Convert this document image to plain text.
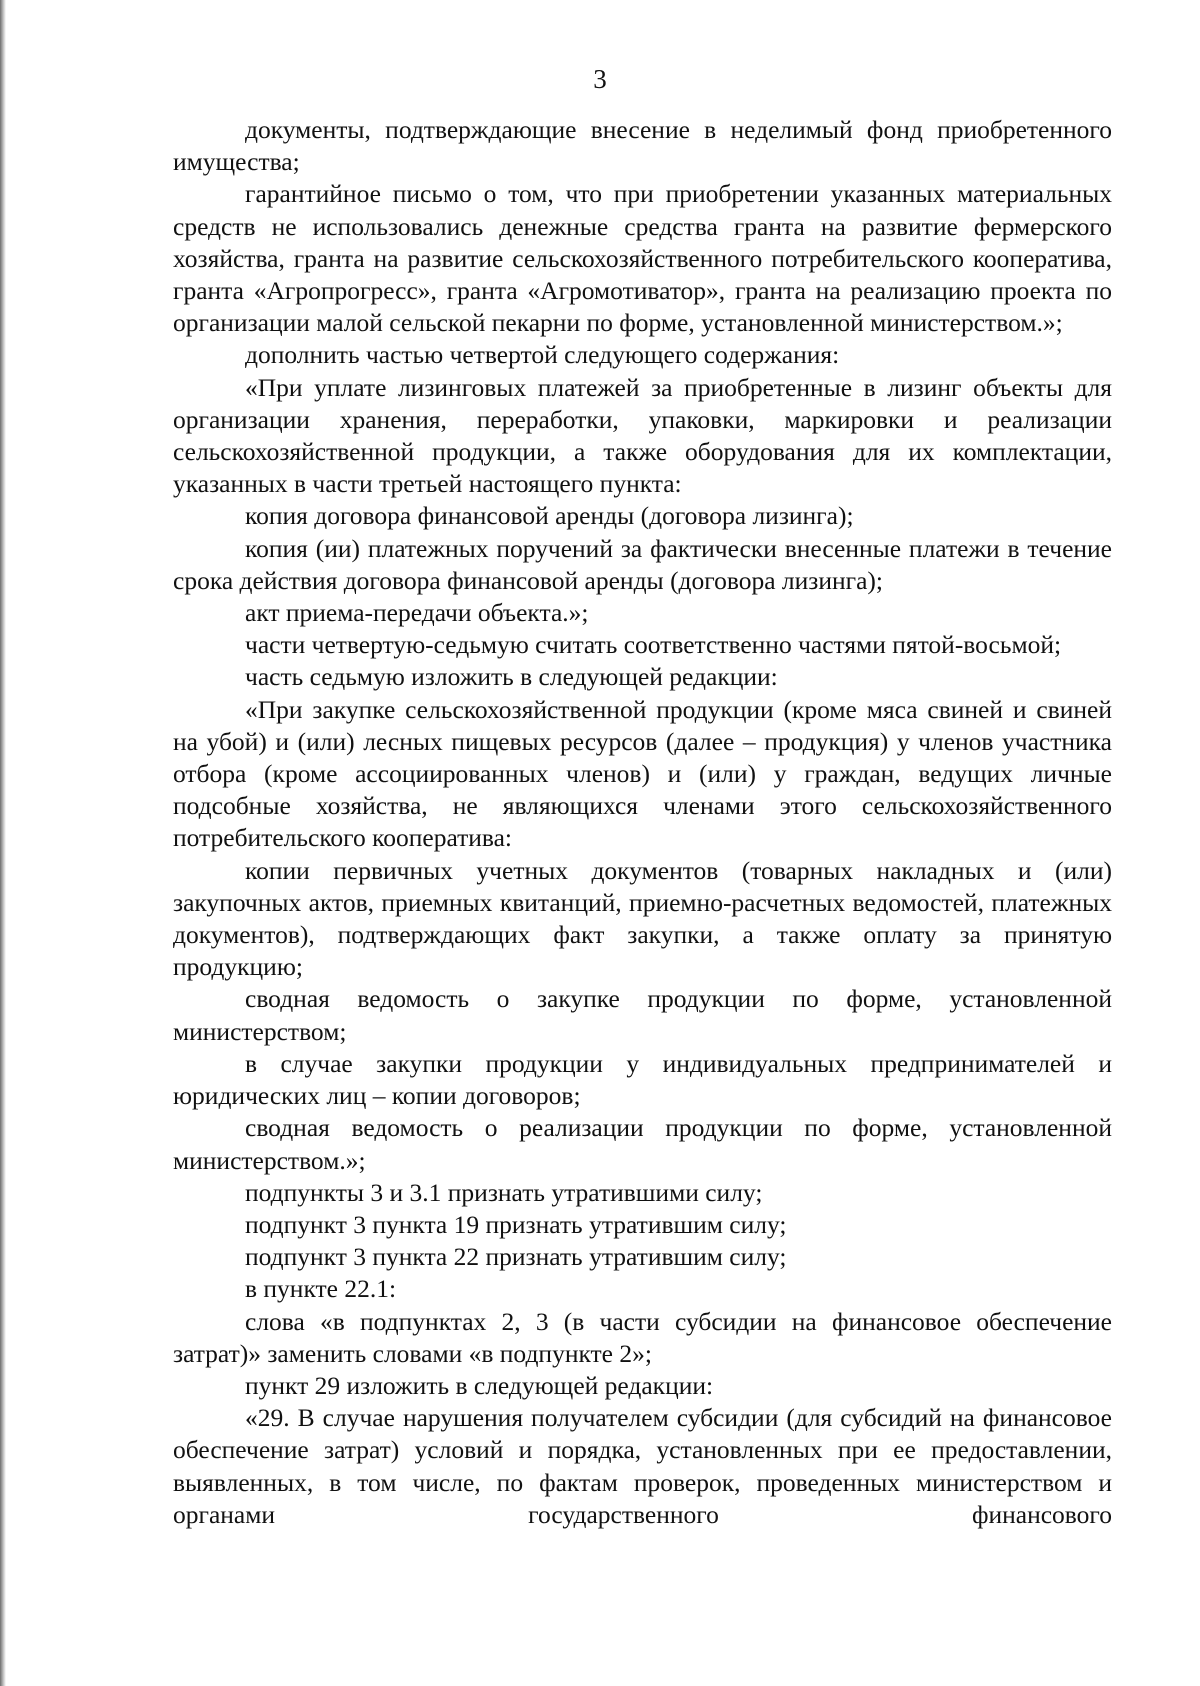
3

документы, подтверждающие внесение в неделимый фонд приобретенного имущества;

гарантийное письмо о том, что при приобретении указанных материальных средств не использовались денежные средства гранта на развитие фермерского хозяйства, гранта на развитие сельскохозяйственного потребительского кооператива, гранта «Агропрогресс», гранта «Агромотиватор», гранта на реализацию проекта по организации малой сельской пекарни по форме, установленной министерством.»;

дополнить частью четвертой следующего содержания:

«При уплате лизинговых платежей за приобретенные в лизинг объекты для организации хранения, переработки, упаковки, маркировки и реализации сельскохозяйственной продукции, а также оборудования для их комплектации, указанных в части третьей настоящего пункта:

копия договора финансовой аренды (договора лизинга);

копия (ии) платежных поручений за фактически внесенные платежи в течение срока действия договора финансовой аренды (договора лизинга);

акт приема-передачи объекта.»;

части четвертую-седьмую считать соответственно частями пятой-восьмой;

часть седьмую изложить в следующей редакции:

«При закупке сельскохозяйственной продукции (кроме мяса свиней и свиней на убой) и (или) лесных пищевых ресурсов (далее – продукция) у членов участника отбора (кроме ассоциированных членов) и (или) у граждан, ведущих личные подсобные хозяйства, не являющихся членами этого сельскохозяйственного потребительского кооператива:

копии первичных учетных документов (товарных накладных и (или) закупочных актов, приемных квитанций, приемно-расчетных ведомостей, платежных документов), подтверждающих факт закупки, а также оплату за принятую продукцию;

сводная ведомость о закупке продукции по форме, установленной министерством;

в случае закупки продукции у индивидуальных предпринимателей и юридических лиц – копии договоров;

сводная ведомость о реализации продукции по форме, установленной министерством.»;

подпункты 3 и 3.1 признать утратившими силу;

подпункт 3 пункта 19 признать утратившим силу;

подпункт 3 пункта 22 признать утратившим силу;

в пункте 22.1:

слова «в подпунктах 2, 3 (в части субсидии на финансовое обеспечение затрат)» заменить словами «в подпункте 2»;

пункт 29 изложить в следующей редакции:

«29. В случае нарушения получателем субсидии (для субсидий на финансовое обеспечение затрат) условий и порядка, установленных при ее предоставлении, выявленных, в том числе, по фактам проверок, проведенных министерством и органами государственного финансового
